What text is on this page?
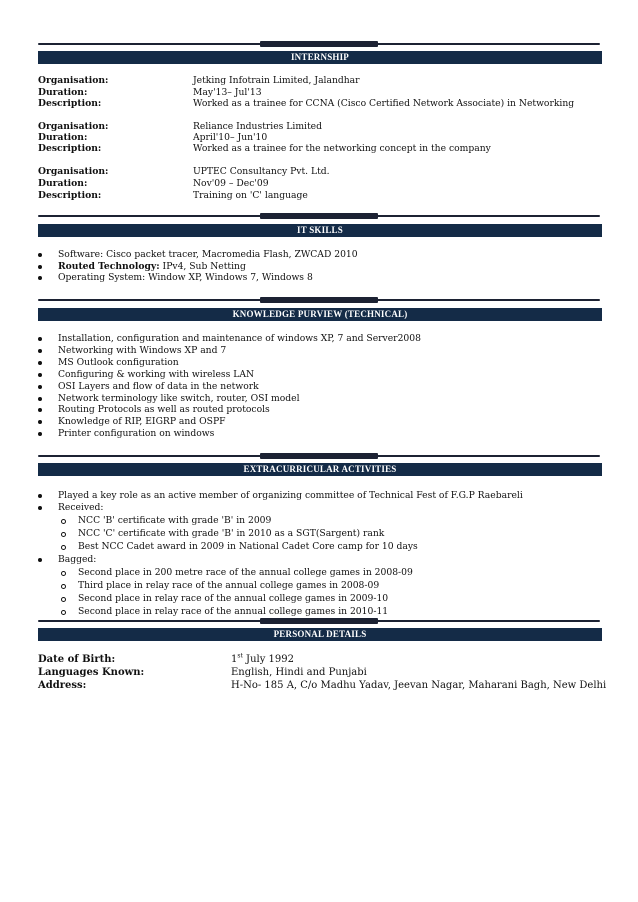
INTERNSHIP
Organisation:	Jetking Infotrain Limited, Jalandhar
Duration:	May'13– Jul'13
Description:	Worked as a trainee for CCNA (Cisco Certified Network Associate) in Networking
Organisation:	Reliance Industries Limited
Duration:	April'10– Jun'10
Description:	Worked as a trainee for the networking concept in the company
Organisation:	UPTEC Consultancy Pvt. Ltd.
Duration:	Nov'09 – Dec'09
Description:	Training on 'C' language
IT SKILLS
Software: Cisco packet tracer, Macromedia Flash, ZWCAD 2010
Routed Technology: IPv4, Sub Netting
Operating System: Window XP, Windows 7, Windows 8
KNOWLEDGE PURVIEW (TECHNICAL)
Installation, configuration and maintenance of windows XP, 7 and Server2008
Networking with Windows XP and 7
MS Outlook configuration
Configuring & working with wireless LAN
OSI Layers and flow of data in the network
Network terminology like switch, router, OSI model
Routing Protocols as well as routed protocols
Knowledge of RIP, EIGRP and OSPF
Printer configuration on windows
EXTRACURRICULAR ACTIVITIES
Played a key role as an active member of organizing committee of Technical Fest of F.G.P Raebareli
Received:
NCC 'B' certificate with grade 'B' in 2009
NCC 'C' certificate with grade 'B' in 2010 as a SGT(Sargent) rank
Best NCC Cadet award in 2009 in National Cadet Core camp for 10 days
Bagged:
Second place in 200 metre race of the annual college games in 2008-09
Third place in relay race of the annual college games in 2008-09
Second place in relay race of the annual college games in 2009-10
Second place in relay race of the annual college games in 2010-11
PERSONAL DETAILS
Date of Birth:	1st July 1992
Languages Known:	English, Hindi and Punjabi
Address:	H-No- 185 A, C/o Madhu Yadav, Jeevan Nagar, Maharani Bagh, New Delhi
